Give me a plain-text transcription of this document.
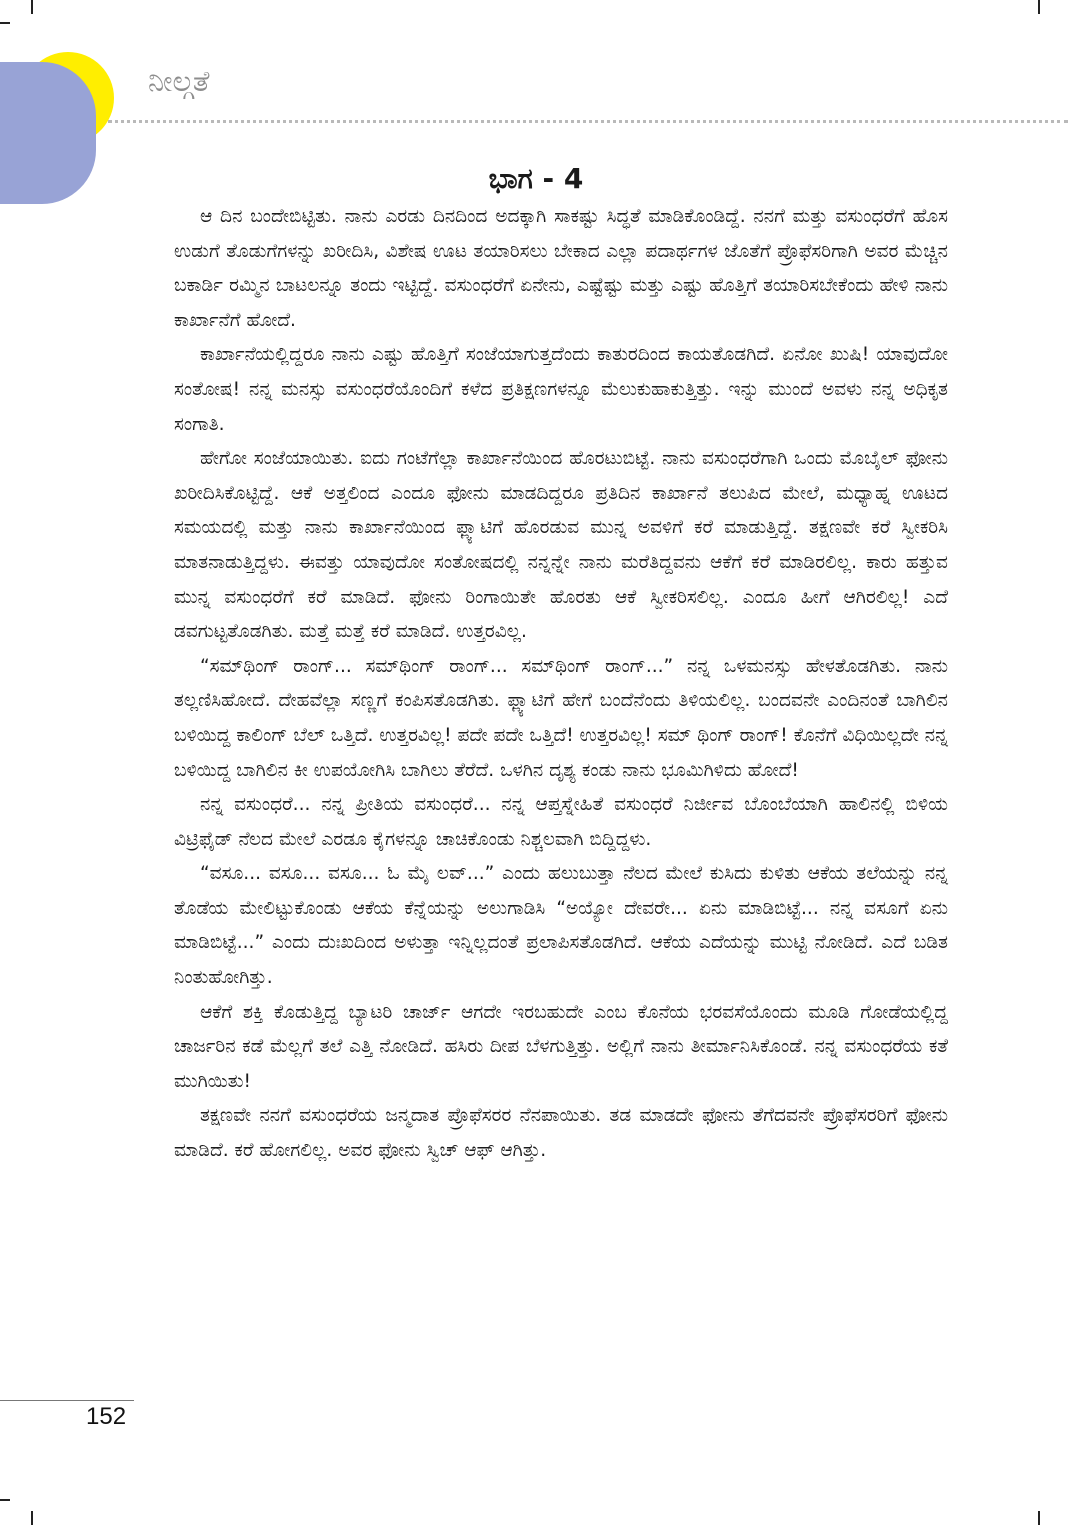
ನೀಲ್ಗತೆ
ಭಾಗ - 4

ಆ ದಿನ ಬಂದೇಬಿಟ್ಟಿತು. ನಾನು ಎರಡು ದಿನದಿಂದ ಅದಕ್ಕಾಗಿ ಸಾಕಷ್ಟು ಸಿದ್ಧತೆ ಮಾಡಿಕೊಂಡಿದ್ದೆ. ನನಗೆ ಮತ್ತು ವಸುಂಧರೆಗೆ ಹೊಸ ಉಡುಗೆ ತೊಡುಗೆಗಳನ್ನು ಖರೀದಿಸಿ, ವಿಶೇಷ ಊಟ ತಯಾರಿಸಲು ಬೇಕಾದ ಎಲ್ಲಾ ಪದಾರ್ಥಗಳ ಜೊತೆಗೆ ಪ್ರೊಫೆಸರಿಗಾಗಿ ಅವರ ಮೆಚ್ಚಿನ ಬಕಾರ್ಡಿ ರಮ್ಮಿನ ಬಾಟಲನ್ನೂ ತಂದು ಇಟ್ಟಿದ್ದೆ. ವಸುಂಧರೆಗೆ ಏನೇನು, ಎಷ್ಟೆಷ್ಟು ಮತ್ತು ಎಷ್ಟು ಹೊತ್ತಿಗೆ ತಯಾರಿಸಬೇಕೆಂದು ಹೇಳಿ ನಾನು ಕಾರ್ಖಾನೆಗೆ ಹೋದೆ.

ಕಾರ್ಖಾನೆಯಲ್ಲಿದ್ದರೂ ನಾನು ಎಷ್ಟು ಹೊತ್ತಿಗೆ ಸಂಜೆಯಾಗುತ್ತದೆಂದು ಕಾತುರದಿಂದ ಕಾಯತೊಡಗಿದೆ. ಏನೋ ಖುಷಿ! ಯಾವುದೋ ಸಂತೋಷ! ನನ್ನ ಮನಸ್ಸು ವಸುಂಧರೆಯೊಂದಿಗೆ ಕಳೆದ ಪ್ರತಿಕ್ಷಣಗಳನ್ನೂ ಮೆಲುಕುಹಾಕುತ್ತಿತ್ತು. ಇನ್ನು ಮುಂದೆ ಅವಳು ನನ್ನ ಅಧಿಕೃತ ಸಂಗಾತಿ.

ಹೇಗೋ ಸಂಜೆಯಾಯಿತು. ಐದು ಗಂಟೆಗೆಲ್ಲಾ ಕಾರ್ಖಾನೆಯಿಂದ ಹೊರಟುಬಿಟ್ಟೆ. ನಾನು ವಸುಂಧರೆಗಾಗಿ ಒಂದು ಮೊಬೈಲ್ ಫೋನು ಖರೀದಿಸಿಕೊಟ್ಟಿದ್ದೆ. ಆಕೆ ಅತ್ತಲಿಂದ ಎಂದೂ ಫೋನು ಮಾಡದಿದ್ದರೂ ಪ್ರತಿದಿನ ಕಾರ್ಖಾನೆ ತಲುಪಿದ ಮೇಲೆ, ಮಧ್ಯಾಹ್ನ ಊಟದ ಸಮಯದಲ್ಲಿ ಮತ್ತು ನಾನು ಕಾರ್ಖಾನೆಯಿಂದ ಫ್ಲ್ಯಾಟಿಗೆ ಹೊರಡುವ ಮುನ್ನ ಅವಳಿಗೆ ಕರೆ ಮಾಡುತ್ತಿದ್ದೆ. ತಕ್ಷಣವೇ ಕರೆ ಸ್ವೀಕರಿಸಿ ಮಾತನಾಡುತ್ತಿದ್ದಳು. ಈವತ್ತು ಯಾವುದೋ ಸಂತೋಷದಲ್ಲಿ ನನ್ನನ್ನೇ ನಾನು ಮರೆತಿದ್ದವನು ಆಕೆಗೆ ಕರೆ ಮಾಡಿರಲಿಲ್ಲ. ಕಾರು ಹತ್ತುವ ಮುನ್ನ ವಸುಂಧರೆಗೆ ಕರೆ ಮಾಡಿದೆ. ಫೋನು ರಿಂಗಾಯಿತೇ ಹೊರತು ಆಕೆ ಸ್ವೀಕರಿಸಲಿಲ್ಲ. ಎಂದೂ ಹೀಗೆ ಆಗಿರಲಿಲ್ಲ! ಎದೆ ಡವಗುಟ್ಟತೊಡಗಿತು. ಮತ್ತೆ ಮತ್ತೆ ಕರೆ ಮಾಡಿದೆ. ಉತ್ತರವಿಲ್ಲ.

“ಸಮ್‌ಥಿಂಗ್ ರಾಂಗ್... ಸಮ್‌ಥಿಂಗ್ ರಾಂಗ್... ಸಮ್‌ಥಿಂಗ್ ರಾಂಗ್...” ನನ್ನ ಒಳಮನಸ್ಸು ಹೇಳತೊಡಗಿತು. ನಾನು ತಲ್ಲಣಿಸಿಹೋದೆ. ದೇಹವೆಲ್ಲಾ ಸಣ್ಣಗೆ ಕಂಪಿಸತೊಡಗಿತು. ಫ್ಲ್ಯಾಟಿಗೆ ಹೇಗೆ ಬಂದೆನೆಂದು ತಿಳಿಯಲಿಲ್ಲ. ಬಂದವನೇ ಎಂದಿನಂತೆ ಬಾಗಿಲಿನ ಬಳಿಯಿದ್ದ ಕಾಲಿಂಗ್ ಬೆಲ್ ಒತ್ತಿದೆ. ಉತ್ತರವಿಲ್ಲ! ಪದೇ ಪದೇ ಒತ್ತಿದೆ! ಉತ್ತರವಿಲ್ಲ! ಸಮ್ ಥಿಂಗ್ ರಾಂಗ್! ಕೊನೆಗೆ ವಿಧಿಯಿಲ್ಲದೇ ನನ್ನ ಬಳಿಯಿದ್ದ ಬಾಗಿಲಿನ ಕೀ ಉಪಯೋಗಿಸಿ ಬಾಗಿಲು ತೆರೆದೆ. ಒಳಗಿನ ದೃಶ್ಯ ಕಂಡು ನಾನು ಭೂಮಿಗಿಳಿದು ಹೋದೆ!

ನನ್ನ ವಸುಂಧರೆ... ನನ್ನ ಪ್ರೀತಿಯ ವಸುಂಧರೆ... ನನ್ನ ಆಪ್ತಸ್ನೇಹಿತೆ ವಸುಂಧರೆ ನಿರ್ಜೀವ ಬೊಂಬೆಯಾಗಿ ಹಾಲಿನಲ್ಲಿ ಬಿಳಿಯ ವಿಟ್ರಿಫೈಡ್ ನೆಲದ ಮೇಲೆ ಎರಡೂ ಕೈಗಳನ್ನೂ ಚಾಚಿಕೊಂಡು ನಿಶ್ಚಲವಾಗಿ ಬಿದ್ದಿದ್ದಳು.

“ವಸೂ... ವಸೂ... ವಸೂ... ಓ ಮೈ ಲವ್...” ಎಂದು ಹಲುಬುತ್ತಾ ನೆಲದ ಮೇಲೆ ಕುಸಿದು ಕುಳಿತು ಆಕೆಯ ತಲೆಯನ್ನು ನನ್ನ ತೊಡೆಯ ಮೇಲಿಟ್ಟುಕೊಂಡು ಆಕೆಯ ಕೆನ್ನೆಯನ್ನು ಅಲುಗಾಡಿಸಿ “ಅಯ್ಯೋ ದೇವರೇ... ಏನು ಮಾಡಿಬಿಟ್ಟೆ... ನನ್ನ ವಸೂಗೆ ಏನು ಮಾಡಿಬಿಟ್ಟೆ...” ಎಂದು ದುಃಖದಿಂದ ಅಳುತ್ತಾ ಇನ್ನಿಲ್ಲದಂತೆ ಪ್ರಲಾಪಿಸತೊಡಗಿದೆ. ಆಕೆಯ ಎದೆಯನ್ನು ಮುಟ್ಟಿ ನೋಡಿದೆ. ಎದೆ ಬಡಿತ ನಿಂತುಹೋಗಿತ್ತು.

ಆಕೆಗೆ ಶಕ್ತಿ ಕೊಡುತ್ತಿದ್ದ ಬ್ಯಾಟರಿ ಚಾರ್ಜ್ ಆಗದೇ ಇರಬಹುದೇ ಎಂಬ ಕೊನೆಯ ಭರವಸೆಯೊಂದು ಮೂಡಿ ಗೋಡೆಯಲ್ಲಿದ್ದ ಚಾರ್ಜರಿನ ಕಡೆ ಮೆಲ್ಲಗೆ ತಲೆ ಎತ್ತಿ ನೋಡಿದೆ. ಹಸಿರು ದೀಪ ಬೆಳಗುತ್ತಿತ್ತು. ಅಲ್ಲಿಗೆ ನಾನು ತೀರ್ಮಾನಿಸಿಕೊಂಡೆ. ನನ್ನ ವಸುಂಧರೆಯ ಕತೆ ಮುಗಿಯಿತು!

ತಕ್ಷಣವೇ ನನಗೆ ವಸುಂಧರೆಯ ಜನ್ಮದಾತ ಪ್ರೊಫೆಸರರ ನೆನಪಾಯಿತು. ತಡ ಮಾಡದೇ ಫೋನು ತೆಗೆದವನೇ ಪ್ರೊಫೆಸರರಿಗೆ ಫೋನು ಮಾಡಿದೆ. ಕರೆ ಹೋಗಲಿಲ್ಲ. ಅವರ ಫೋನು ಸ್ವಿಚ್ ಆಫ್ ಆಗಿತ್ತು.

152
